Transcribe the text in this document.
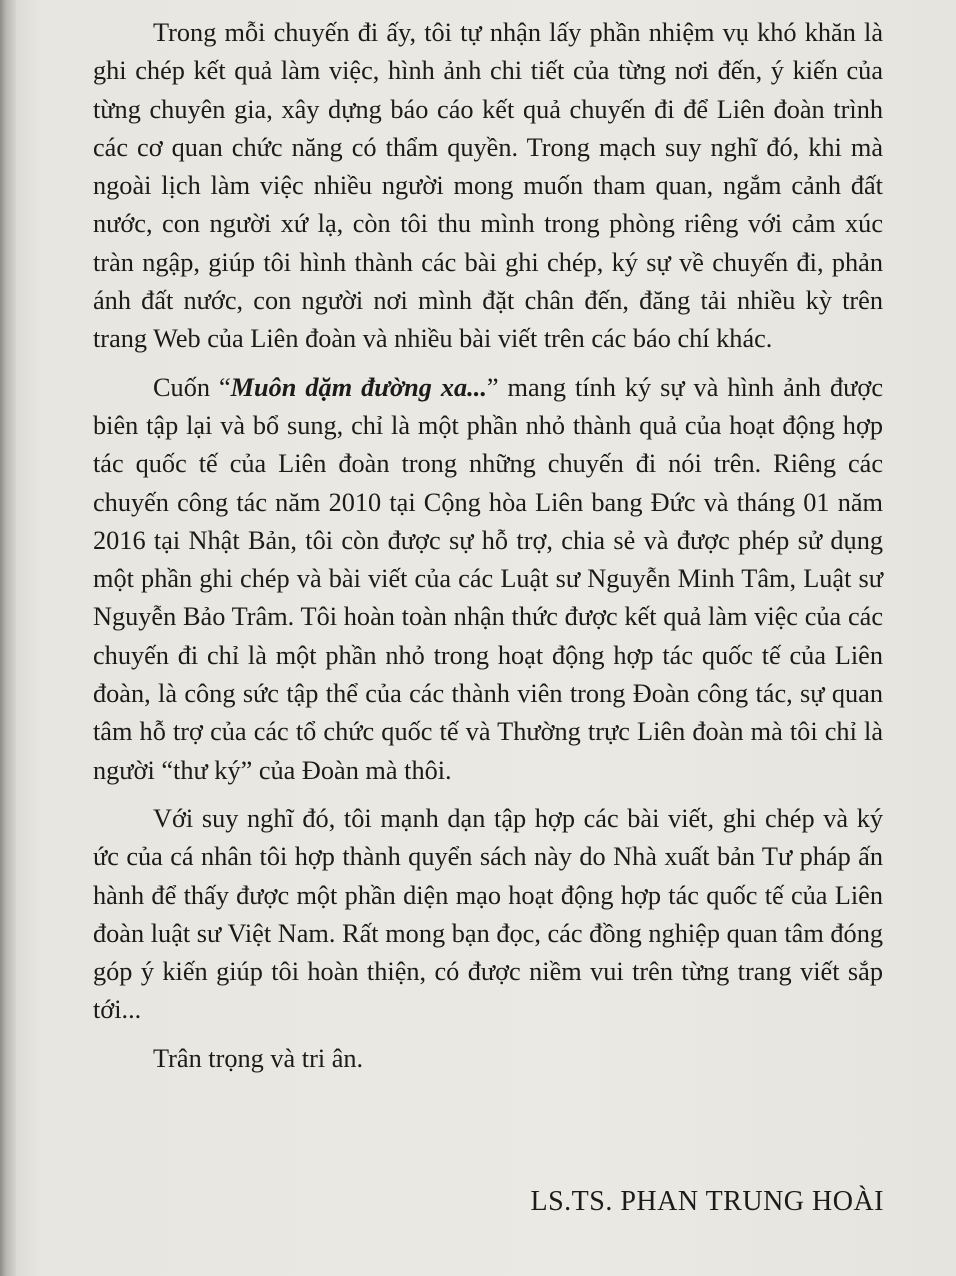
Trong mỗi chuyến đi ấy, tôi tự nhận lấy phần nhiệm vụ khó khăn là ghi chép kết quả làm việc, hình ảnh chi tiết của từng nơi đến, ý kiến của từng chuyên gia, xây dựng báo cáo kết quả chuyến đi để Liên đoàn trình các cơ quan chức năng có thẩm quyền. Trong mạch suy nghĩ đó, khi mà ngoài lịch làm việc nhiều người mong muốn tham quan, ngắm cảnh đất nước, con người xứ lạ, còn tôi thu mình trong phòng riêng với cảm xúc tràn ngập, giúp tôi hình thành các bài ghi chép, ký sự về chuyến đi, phản ánh đất nước, con người nơi mình đặt chân đến, đăng tải nhiều kỳ trên trang Web của Liên đoàn và nhiều bài viết trên các báo chí khác.

Cuốn “Muôn dặm đường xa...” mang tính ký sự và hình ảnh được biên tập lại và bổ sung, chỉ là một phần nhỏ thành quả của hoạt động hợp tác quốc tế của Liên đoàn trong những chuyến đi nói trên. Riêng các chuyến công tác năm 2010 tại Cộng hòa Liên bang Đức và tháng 01 năm 2016 tại Nhật Bản, tôi còn được sự hỗ trợ, chia sẻ và được phép sử dụng một phần ghi chép và bài viết của các Luật sư Nguyễn Minh Tâm, Luật sư Nguyễn Bảo Trâm. Tôi hoàn toàn nhận thức được kết quả làm việc của các chuyến đi chỉ là một phần nhỏ trong hoạt động hợp tác quốc tế của Liên đoàn, là công sức tập thể của các thành viên trong Đoàn công tác, sự quan tâm hỗ trợ của các tổ chức quốc tế và Thường trực Liên đoàn mà tôi chỉ là người “thư ký” của Đoàn mà thôi.

Với suy nghĩ đó, tôi mạnh dạn tập hợp các bài viết, ghi chép và ký ức của cá nhân tôi hợp thành quyển sách này do Nhà xuất bản Tư pháp ấn hành để thấy được một phần diện mạo hoạt động hợp tác quốc tế của Liên đoàn luật sư Việt Nam. Rất mong bạn đọc, các đồng nghiệp quan tâm đóng góp ý kiến giúp tôi hoàn thiện, có được niềm vui trên từng trang viết sắp tới...

Trân trọng và tri ân.

LS.TS. PHAN TRUNG HOÀI
